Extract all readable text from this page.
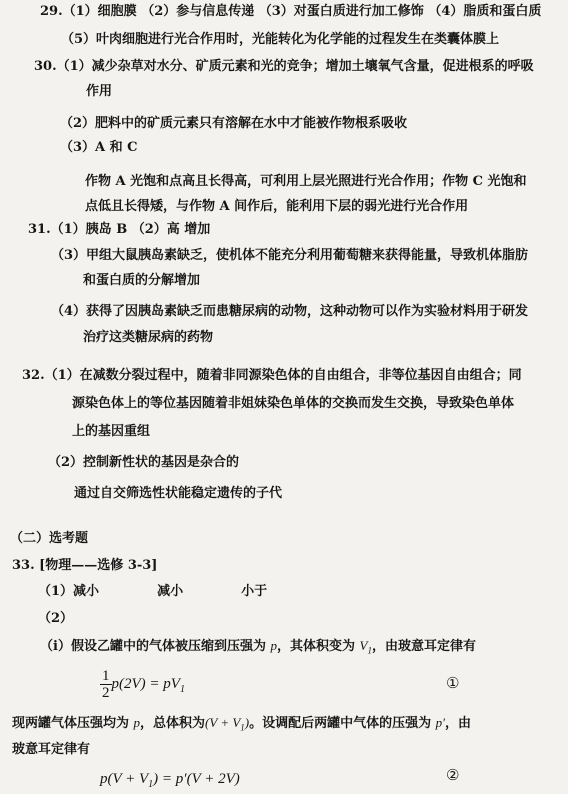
29.（1）细胞膜 （2）参与信息传递 （3）对蛋白质进行加工修饰 （4）脂质和蛋白质
（5）叶肉细胞进行光合作用时，光能转化为化学能的过程发生在类囊体膜上
30.（1）减少杂草对水分、矿质元素和光的竞争；增加土壤氧气含量，促进根系的呼吸
作用
（2）肥料中的矿质元素只有溶解在水中才能被作物根系吸收
（3）A 和 C
作物 A 光饱和点高且长得高，可利用上层光照进行光合作用；作物 C 光饱和
点低且长得矮，与作物 A 间作后，能利用下层的弱光进行光合作用
31.（1）胰岛 B （2）高 增加
（3）甲组大鼠胰岛素缺乏，使机体不能充分利用葡萄糖来获得能量，导致机体脂肪
和蛋白质的分解增加
（4）获得了因胰岛素缺乏而患糖尿病的动物，这种动物可以作为实验材料用于研发
治疗这类糖尿病的药物
32.（1）在减数分裂过程中，随着非同源染色体的自由组合，非等位基因自由组合；同
源染色体上的等位基因随着非姐妹染色单体的交换而发生交换，导致染色单体
上的基因重组
（2）控制新性状的基因是杂合的
通过自交筛选性状能稳定遗传的子代
（二）选考题
33. [物理——选修 3-3]
（1）减小	减小	小于
（2）
（i）假设乙罐中的气体被压缩到压强为 p，其体积变为 $V_1$，由玻意耳定律有
$\frac{1}{2} p(2V) = pV_1$	①
现两罐气体压强均为 p，总体积为$(V + V_1)$。设调配后两罐中气体的压强为 p′，由
玻意耳定律有
$p(V + V_1) = p'(V + 2V)$	②
